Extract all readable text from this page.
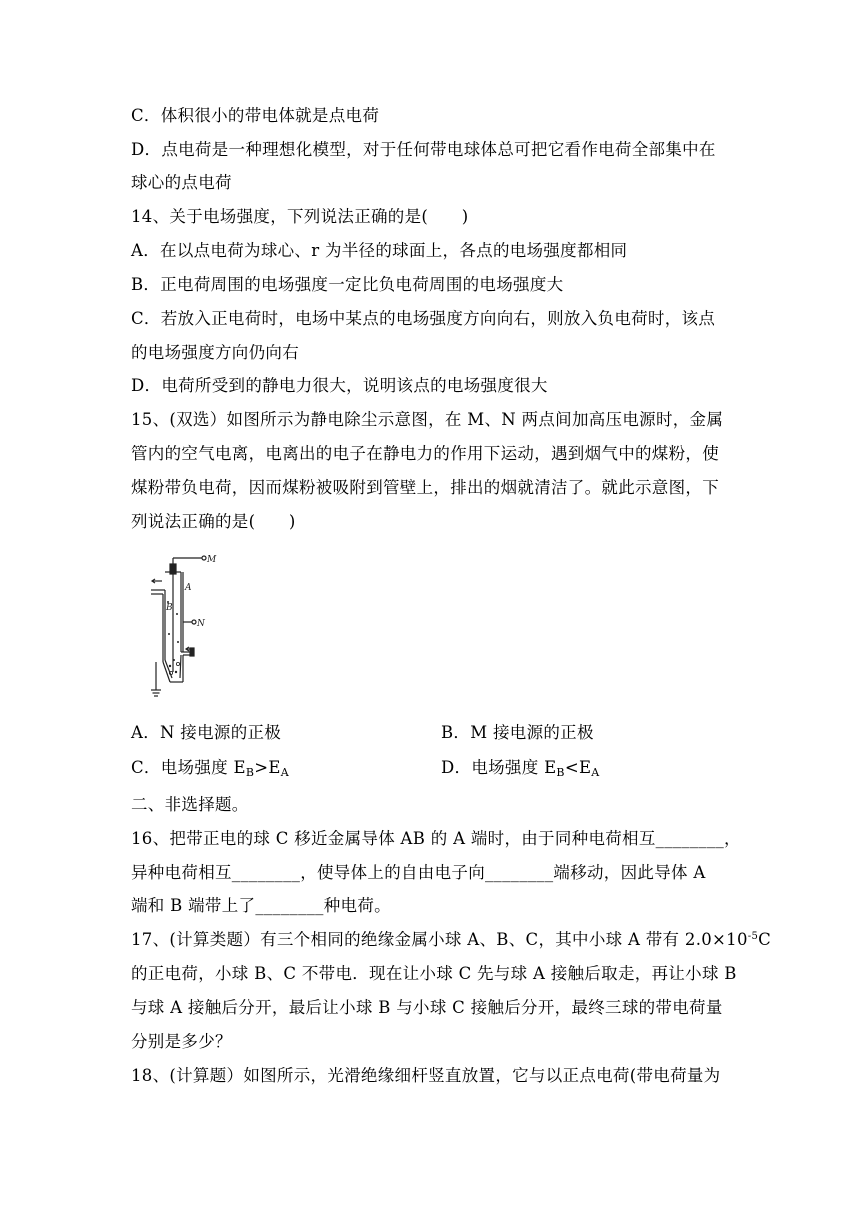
C．体积很小的带电体就是点电荷
D．点电荷是一种理想化模型，对于任何带电球体总可把它看作电荷全部集中在
球心的点电荷
14、关于电场强度，下列说法正确的是(　　)
A．在以点电荷为球心、r 为半径的球面上，各点的电场强度都相同
B．正电荷周围的电场强度一定比负电荷周围的电场强度大
C．若放入正电荷时，电场中某点的电场强度方向向右，则放入负电荷时，该点
的电场强度方向仍向右
D．电荷所受到的静电力很大，说明该点的电场强度很大
15、(双选）如图所示为静电除尘示意图，在 M、N 两点间加高压电源时，金属
管内的空气电离，电离出的电子在静电力的作用下运动，遇到烟气中的煤粉，使
煤粉带负电荷，因而煤粉被吸附到管壁上，排出的烟就清洁了。就此示意图，下
列说法正确的是(　　)
M
N
A
B
A．N 接电源的正极	B．M 接电源的正极
C．电场强度 $E_B>E_A$	D．电场强度 $E_B<E_A$
二、非选择题。
16、把带正电的球 C 移近金属导体 AB 的 A 端时，由于同种电荷相互________，
异种电荷相互________，使导体上的自由电子向________端移动，因此导体 A
端和 B 端带上了________种电荷。
17、(计算类题）有三个相同的绝缘金属小球 A、B、C，其中小球 A 带有 $2.0\times 10^{-5}C$
的正电荷，小球 B、C 不带电．现在让小球 C 先与球 A 接触后取走，再让小球 B
与球 A 接触后分开，最后让小球 B 与小球 C 接触后分开，最终三球的带电荷量
分别是多少？
18、(计算题）如图所示，光滑绝缘细杆竖直放置，它与以正点电荷(带电荷量为
